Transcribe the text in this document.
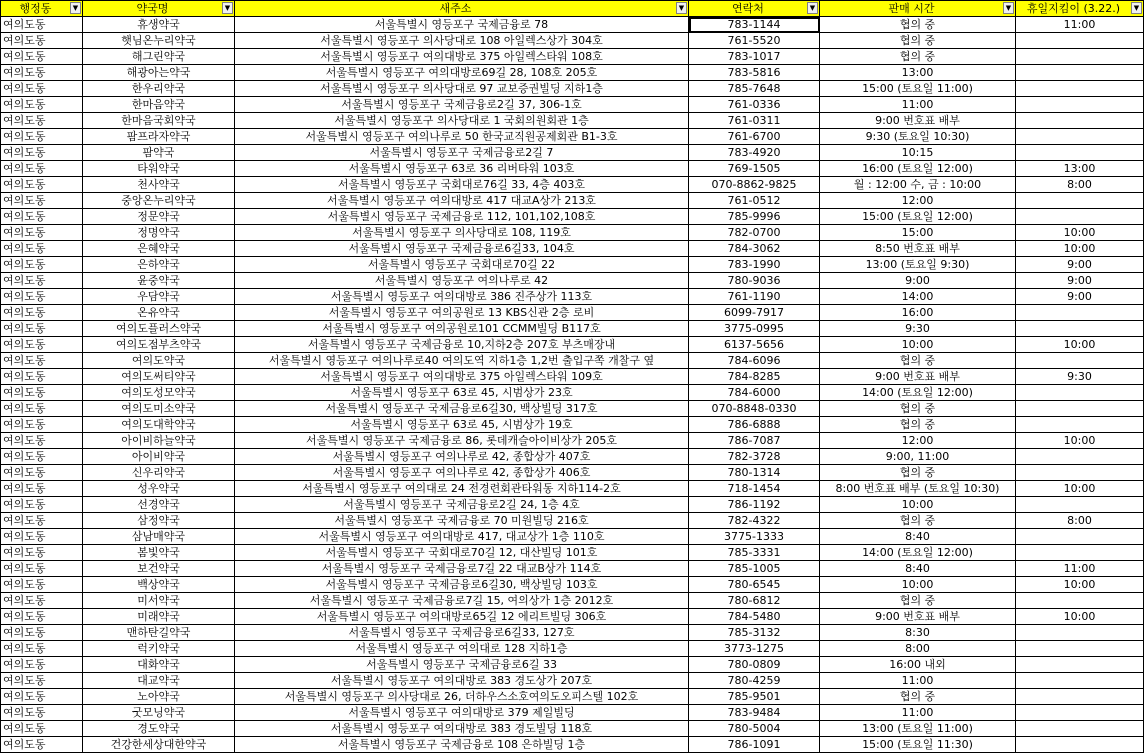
행정동 ▼	약국명 ▼	새주소 ▼	연락처 ▼	판매 시간 ▼	휴일지킴이 (3.22.) ▼

여의도동	휴생약국	서울특별시 영등포구 국제금융로 78	783-1144	협의 중	11:00
여의도동	햇님온누리약국	서울특별시 영등포구 의사당대로 108 아일렉스상가 304호	761-5520	협의 중	
여의도동	해그린약국	서울특별시 영등포구 여의대방로 375 아일렉스타워 108호	783-1017	협의 중	
여의도동	해광아는약국	서울특별시 영등포구 여의대방로69길 28, 108호 205호	783-5816	13:00	
여의도동	한우리약국	서울특별시 영등포구 의사당대로 97 교보증권빌딩 지하1층	785-7648	15:00 (토요일 11:00)	
여의도동	한마음약국	서울특별시 영등포구 국제금융로2길 37, 306-1호	761-0336	11:00	
여의도동	한마음국회약국	서울특별시 영등포구 의사당대로 1 국회의원회관 1층	761-0311	9:00 번호표 배부	
여의도동	팜프라자약국	서울특별시 영등포구 여의나루로 50 한국교직원공제회관 B1-3호	761-6700	9:30 (토요일 10:30)	
여의도동	팜약국	서울특별시 영등포구 국제금융로2길 7	783-4920	10:15	
여의도동	타워약국	서울특별시 영등포구 63로 36 리버타워 103호	769-1505	16:00 (토요일 12:00)	13:00
여의도동	천사약국	서울특별시 영등포구 국회대로76길 33, 4층 403호	070-8862-9825	월 : 12:00 수, 금 : 10:00	8:00
여의도동	중앙온누리약국	서울특별시 영등포구 여의대방로 417 대교A상가 213호	761-0512	12:00	
여의도동	정문약국	서울특별시 영등포구 국제금융로 112, 101,102,108호	785-9996	15:00 (토요일 12:00)	
여의도동	정명약국	서울특별시 영등포구 의사당대로 108, 119호	782-0700	15:00	10:00
여의도동	은혜약국	서울특별시 영등포구 국제금융로6길33, 104호	784-3062	8:50 번호표 배부	10:00
여의도동	은하약국	서울특별시 영등포구 국회대로70길 22	783-1990	13:00 (토요일 9:30)	9:00
여의도동	윤중약국	서울특별시 영등포구 여의나루로 42	780-9036	9:00	9:00
여의도동	우담약국	서울특별시 영등포구 여의대방로 386 진주상가 113호	761-1190	14:00	9:00
여의도동	온유약국	서울특별시 영등포구 여의공원로 13 KBS신관 2층 로비	6099-7917	16:00	
여의도동	여의도플러스약국	서울특별시 영등포구 여의공원로101 CCMM빌딩 B117호	3775-0995	9:30	
여의도동	여의도점부츠약국	서울특별시 영등포구 국제금융로 10,지하2층 207호 부츠매장내	6137-5656	10:00	10:00
여의도동	여의도약국	서울특별시 영등포구 여의나루로40 여의도역 지하1층 1,2번 출입구쪽 개찰구 옆	784-6096	협의 중	
여의도동	여의도써티약국	서울특별시 영등포구 여의대방로 375 아일렉스타워 109호	784-8285	9:00 번호표 배부	9:30
여의도동	여의도성모약국	서울특별시 영등포구 63로 45, 시범상가 23호	784-6000	14:00 (토요일 12:00)	
여의도동	여의도미소약국	서울특별시 영등포구 국제금융로6길30, 백상빌딩 317호	070-8848-0330	협의 중	
여의도동	여의도대학약국	서울특별시 영등포구 63로 45, 시범상가 19호	786-6888	협의 중	
여의도동	아이비하늘약국	서울특별시 영등포구 국제금융로 86, 롯데캐슬아이비상가 205호	786-7087	12:00	10:00
여의도동	아이비약국	서울특별시 영등포구 여의나루로 42, 종합상가 407호	782-3728	9:00, 11:00	
여의도동	신우리약국	서울특별시 영등포구 여의나루로 42, 종합상가 406호	780-1314	협의 중	
여의도동	성우약국	서울특별시 영등포구 여의대로 24 전경련회관타워동 지하114-2호	718-1454	8:00 번호표 배부 (토요일 10:30)	10:00
여의도동	선경약국	서울특별시 영등포구 국제금융로2길 24, 1층 4호	786-1192	10:00	
여의도동	삼정약국	서울특별시 영등포구 국제금융로 70 미원빌딩 216호	782-4322	협의 중	8:00
여의도동	삼남매약국	서울특별시 영등포구 여의대방로 417, 대교상가 1층 110호	3775-1333	8:40	
여의도동	봄빛약국	서울특별시 영등포구 국회대로70길 12, 대산빌딩 101호	785-3331	14:00 (토요일 12:00)	
여의도동	보건약국	서울특별시 영등포구 국제금융로7길 22 대교B상가 114호	785-1005	8:40	11:00
여의도동	백상약국	서울특별시 영등포구 국제금융로6길30, 백상빌딩 103호	780-6545	10:00	10:00
여의도동	미서약국	서울특별시 영등포구 국제금융로7길 15, 여의상가 1층 2012호	780-6812	협의 중	
여의도동	미래약국	서울특별시 영등포구 여의대방로65길 12 에리트빌딩 306호	784-5480	9:00 번호표 배부	10:00
여의도동	맨하탄길약국	서울특별시 영등포구 국제금융로6길33, 127호	785-3132	8:30	
여의도동	럭키약국	서울특별시 영등포구 여의대로 128 지하1층	3773-1275	8:00	
여의도동	대화약국	서울특별시 영등포구 국제금융로6길 33	780-0809	16:00 내외	
여의도동	대교약국	서울특별시 영등포구 여의대방로 383 경도상가 207호	780-4259	11:00	
여의도동	노아약국	서울특별시 영등포구 의사당대로 26, 더하우스소호여의도오피스텔 102호	785-9501	협의 중	
여의도동	굿모닝약국	서울특별시 영등포구 여의대방로 379 제일빌딩	783-9484	11:00	
여의도동	경도약국	서울특별시 영등포구 여의대방로 383 경도빌딩 118호	780-5004	13:00 (토요일 11:00)	
여의도동	건강한세상대한약국	서울특별시 영등포구 국제금융로 108 은하빌딩 1층	786-1091	15:00 (토요일 11:30)	
